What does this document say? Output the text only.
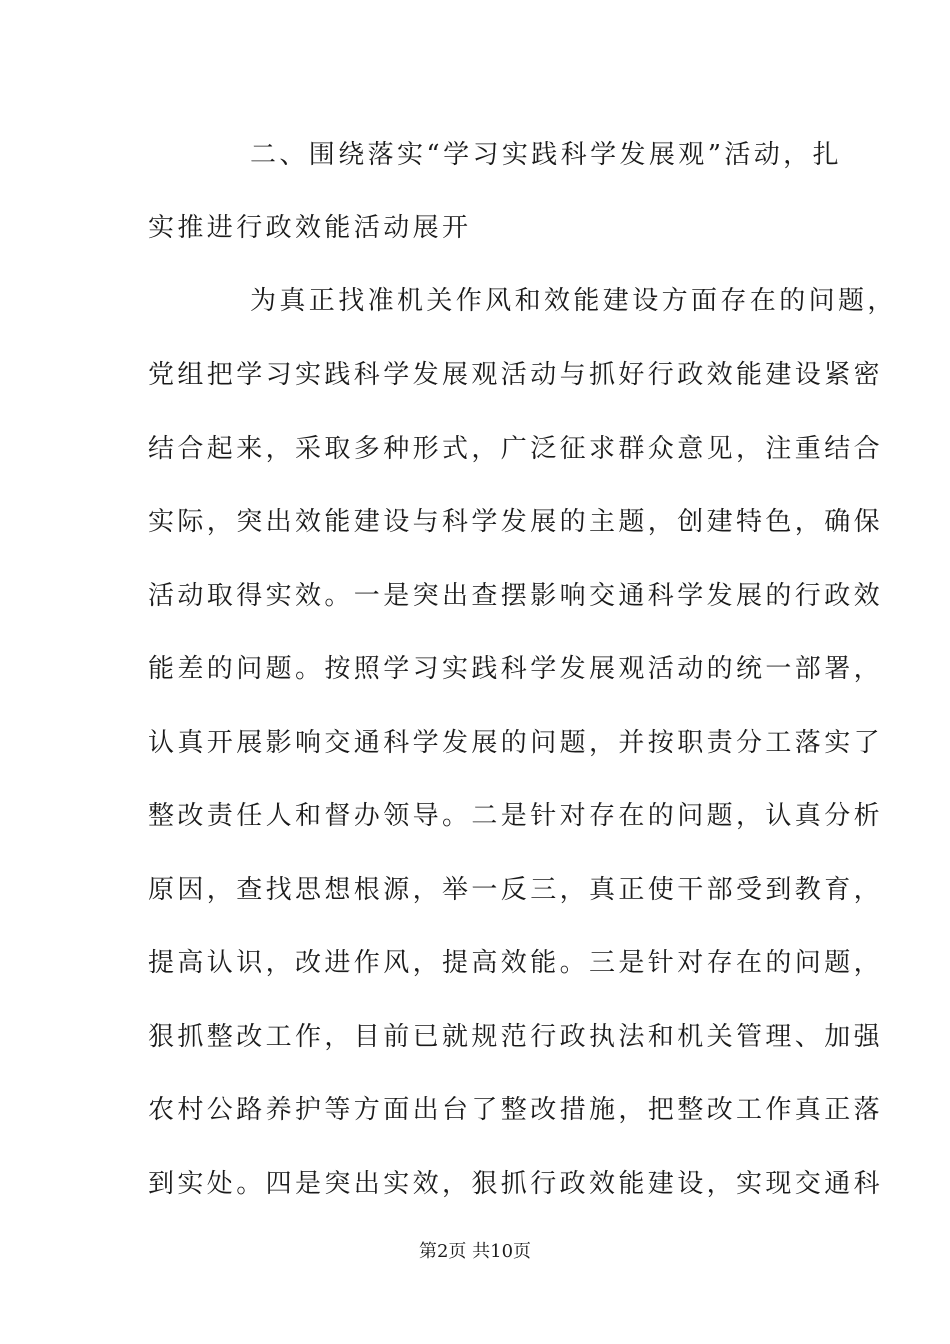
二、围绕落实“学习实践科学发展观”活动，扎
实推进行政效能活动展开
为真正找准机关作风和效能建设方面存在的问题，
党组把学习实践科学发展观活动与抓好行政效能建设紧密
结合起来，采取多种形式，广泛征求群众意见，注重结合
实际，突出效能建设与科学发展的主题，创建特色，确保
活动取得实效。一是突出查摆影响交通科学发展的行政效
能差的问题。按照学习实践科学发展观活动的统一部署，
认真开展影响交通科学发展的问题，并按职责分工落实了
整改责任人和督办领导。二是针对存在的问题，认真分析
原因，查找思想根源，举一反三，真正使干部受到教育，
提高认识，改进作风，提高效能。三是针对存在的问题，
狠抓整改工作，目前已就规范行政执法和机关管理、加强
农村公路养护等方面出台了整改措施，把整改工作真正落
到实处。四是突出实效，狠抓行政效能建设，实现交通科
第2页 共10页
